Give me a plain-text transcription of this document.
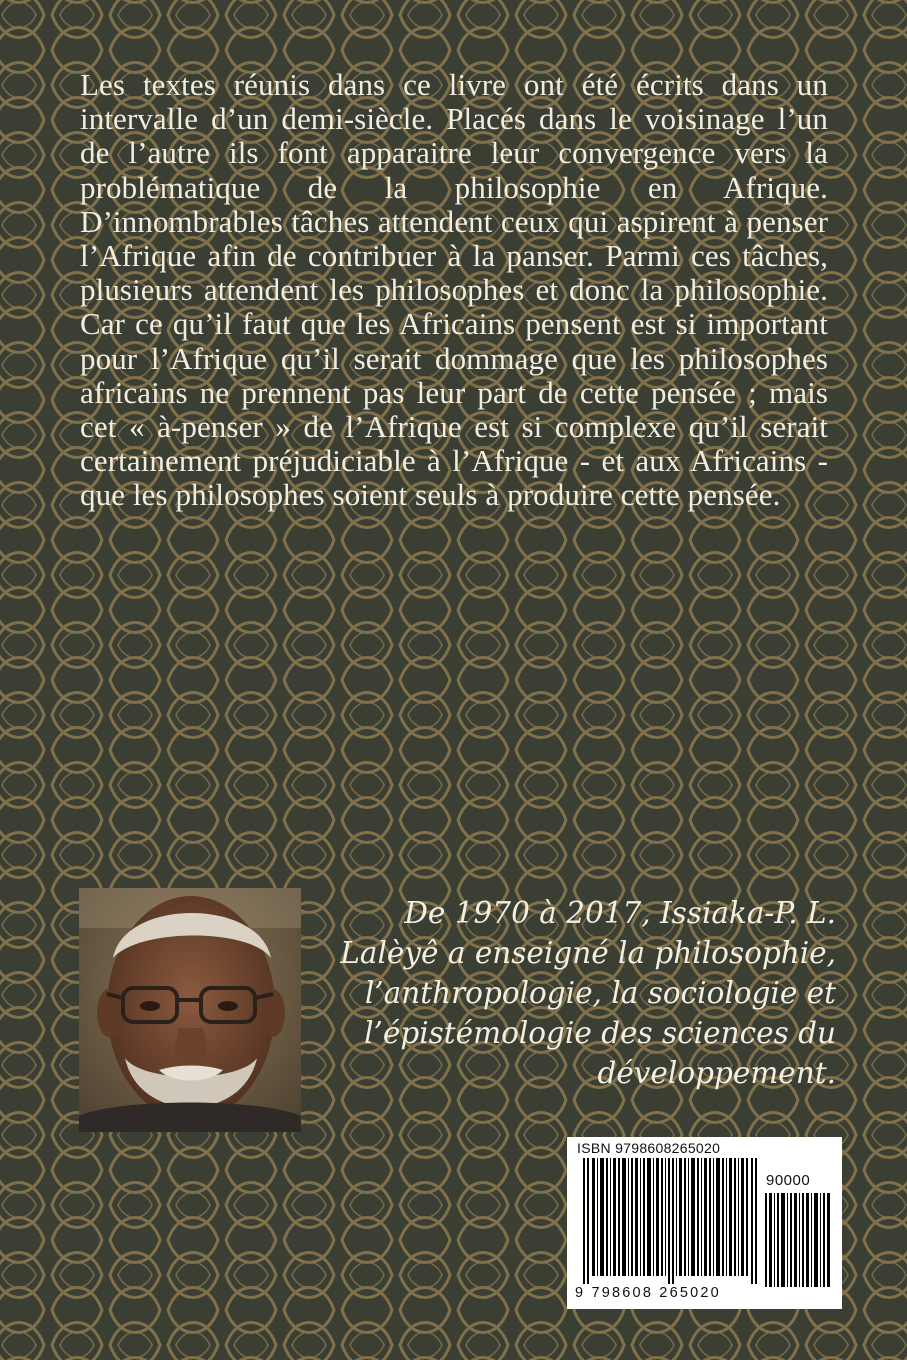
Les textes réunis dans ce livre ont été écrits dans un intervalle d’un demi-siècle. Placés dans le voisinage l’un de l’autre ils font apparaitre leur convergence vers la problématique de la philosophie en Afrique. D’innombrables tâches attendent ceux qui aspirent à penser l’Afrique afin de contribuer à la panser. Parmi ces tâches, plusieurs attendent les philosophes et donc la philosophie. Car ce qu’il faut que les Africains pensent est si important pour l’Afrique qu’il serait dommage que les philosophes africains ne prennent pas leur part de cette pensée ; mais cet « à-penser » de l’Afrique est si complexe qu’il serait certainement préjudiciable à l’Afrique - et aux Africains - que les philosophes soient seuls à produire cette pensée.

De 1970 à 2017, Issiaka-P. L. Lalèyê a enseigné la philosophie, l’anthropologie, la sociologie et l’épistémologie des sciences du développement.

ISBN 9798608265020

90000

9 798608 265020
